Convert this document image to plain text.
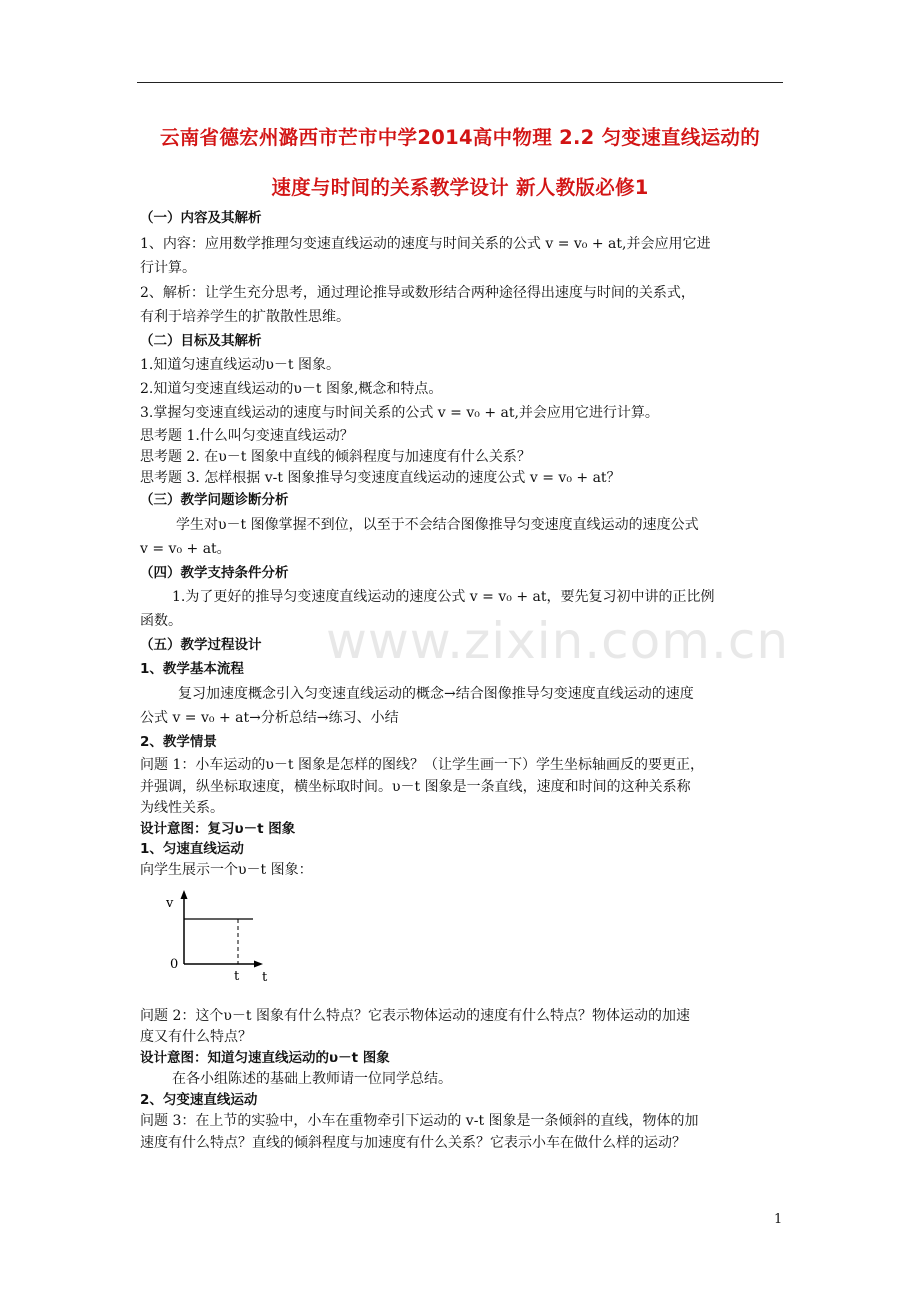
云南省德宏州潞西市芒市中学2014高中物理 2.2 匀变速直线运动的
速度与时间的关系教学设计 新人教版必修1
（一）内容及其解析
1、内容：应用数学推理匀变速直线运动的速度与时间关系的公式 v = v₀ + at,并会应用它进
行计算。
2、解析：让学生充分思考，通过理论推导或数形结合两种途径得出速度与时间的关系式，
有利于培养学生的扩散散性思维。
（二）目标及其解析
1.知道匀速直线运动υ－t 图象。
2.知道匀变速直线运动的υ－t 图象,概念和特点。
3.掌握匀变速直线运动的速度与时间关系的公式 v = v₀ + at,并会应用它进行计算。
思考题 1.什么叫匀变速直线运动？
思考题 2. 在υ－t 图象中直线的倾斜程度与加速度有什么关系？
思考题 3. 怎样根据 v-t 图象推导匀变速度直线运动的速度公式 v = v₀ + at？
（三）教学问题诊断分析
学生对υ－t 图像掌握不到位，以至于不会结合图像推导匀变速度直线运动的速度公式
v = v₀ + at。
（四）教学支持条件分析
1.为了更好的推导匀变速度直线运动的速度公式 v = v₀ + at，要先复习初中讲的正比例
函数。
（五）教学过程设计
1、教学基本流程
复习加速度概念引入匀变速直线运动的概念→结合图像推导匀变速度直线运动的速度
公式 v = v₀ + at→分析总结→练习、小结
2、教学情景
问题 1：小车运动的υ－t 图象是怎样的图线？（让学生画一下）学生坐标轴画反的要更正，
并强调，纵坐标取速度，横坐标取时间。υ－t 图象是一条直线，速度和时间的这种关系称
为线性关系。
设计意图：复习υ－t 图象
1、匀速直线运动
向学生展示一个υ－t 图象：
v
0
t t
问题 2：这个υ－t 图象有什么特点？它表示物体运动的速度有什么特点？物体运动的加速
度又有什么特点？
设计意图：知道匀速直线运动的υ－t 图象
在各小组陈述的基础上教师请一位同学总结。
2、匀变速直线运动
问题 3：在上节的实验中，小车在重物牵引下运动的 v-t 图象是一条倾斜的直线，物体的加
速度有什么特点？直线的倾斜程度与加速度有什么关系？它表示小车在做什么样的运动？
www.zixin.com.cn
1
